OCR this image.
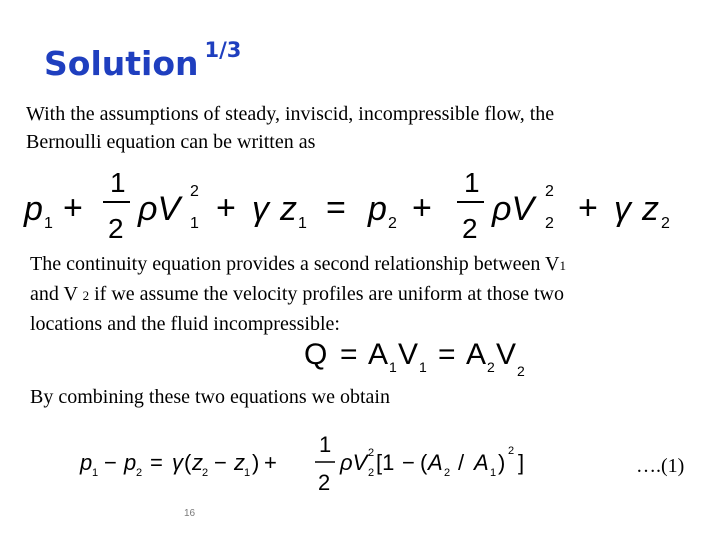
Solution $^{1/3}$
With the assumptions of steady, inviscid, incompressible flow, the
Bernoulli equation can be written as
p 1 +
1
2
ρV 2
1 + γ z 1 = p 2 +
1
2
ρV 2
2 + γ z 2
The continuity equation provides a second relationship between V1
and V 2 if we assume the velocity profiles are uniform at those two
locations and the fluid incompressible:
Q = A 1 V 1 = A 2 V 2
By combining these two equations we obtain
p 1 − p 2 = γ ( z 2 − z 1 ) +
1
2
ρV 2
2 [1 − ( A 2 / A 1 ) 2 ]	….(1)
16
